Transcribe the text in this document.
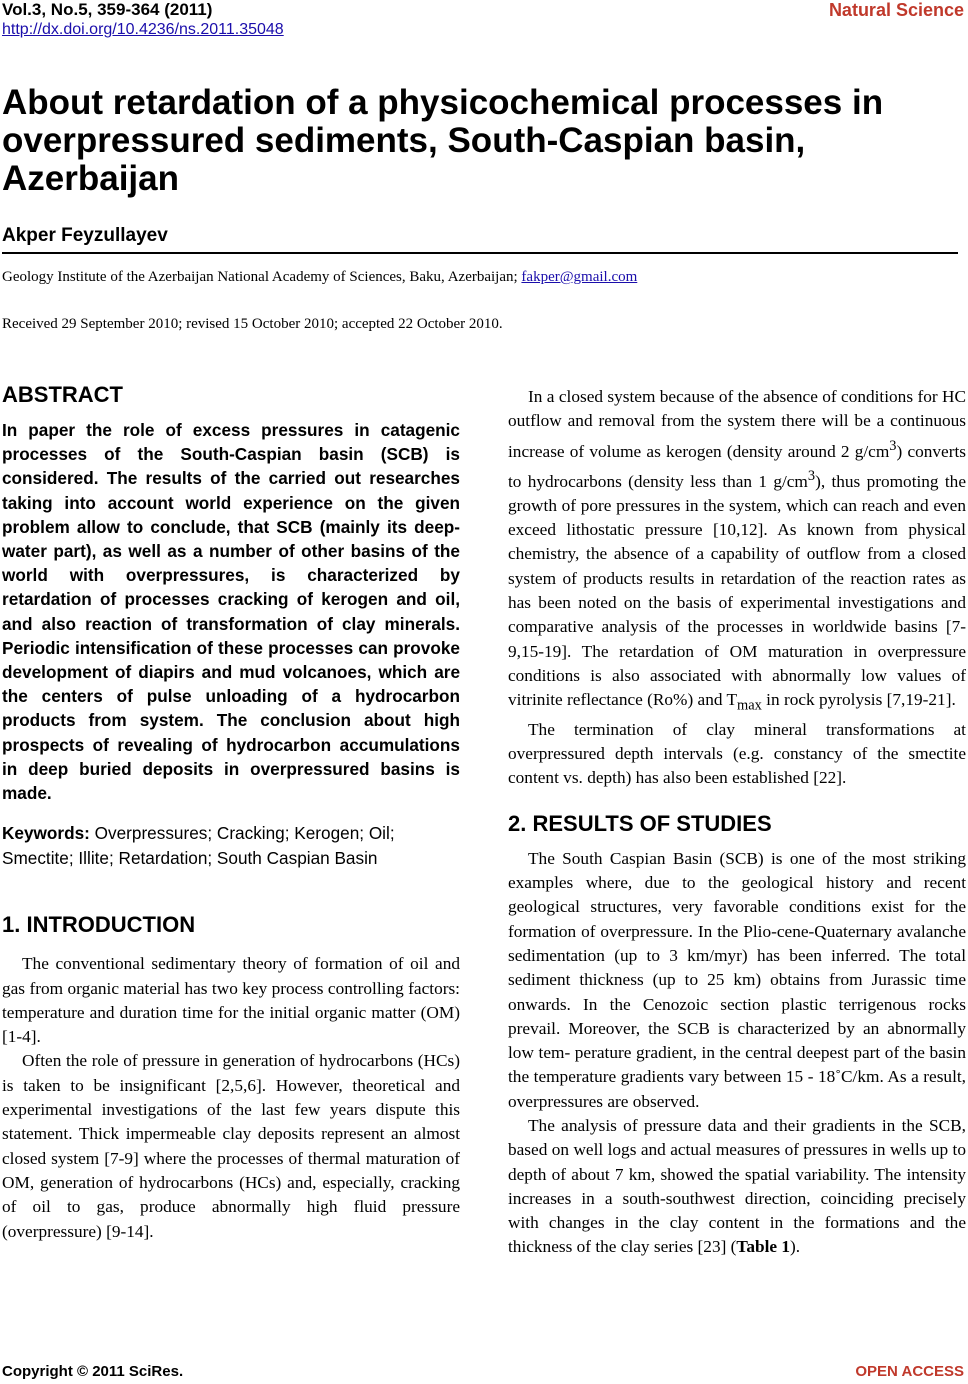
Vol.3, No.5, 359-364 (2011)	Natural Science
http://dx.doi.org/10.4236/ns.2011.35048
About retardation of a physicochemical processes in overpressured sediments, South-Caspian basin, Azerbaijan
Akper Feyzullayev
Geology Institute of the Azerbaijan National Academy of Sciences, Baku, Azerbaijan; fakper@gmail.com
Received 29 September 2010; revised 15 October 2010; accepted 22 October 2010.
ABSTRACT

In paper the role of excess pressures in catagenic processes of the South-Caspian basin (SCB) is considered. The results of the carried out researches taking into account world experience on the given problem allow to conclude, that SCB (mainly its deep-water part), as well as a number of other basins of the world with overpressures, is characterized by retardation of processes cracking of kerogen and oil, and also reaction of transformation of clay minerals. Periodic intensification of these processes can provoke development of diapirs and mud volcanoes, which are the centers of pulse unloading of a hydrocarbon products from system. The conclusion about high prospects of revealing of hydrocarbon accumulations in deep buried deposits in overpressured basins is made.

Keywords: Overpressures; Cracking; Kerogen; Oil; Smectite; Illite; Retardation; South Caspian Basin

1. INTRODUCTION

The conventional sedimentary theory of formation of oil and gas from organic material has two key process controlling factors: temperature and duration time for the initial organic matter (OM) [1-4].

Often the role of pressure in generation of hydrocarbons (HCs) is taken to be insignificant [2,5,6]. However, theoretical and experimental investigations of the last few years dispute this statement. Thick impermeable clay deposits represent an almost closed system [7-9] where the processes of thermal maturation of OM, generation of hydrocarbons (HCs) and, especially, cracking of oil to gas, produce abnormally high fluid pressure (overpressure) [9-14].

In a closed system because of the absence of conditions for HC outflow and removal from the system there will be a continuous increase of volume as kerogen (density around 2 $g/cm^3$) converts to hydrocarbons (density less than 1 $g/cm^3$), thus promoting the growth of pore pressures in the system, which can reach and even exceed lithostatic pressure [10,12]. As known from physical chemistry, the absence of a capability of outflow from a closed system of products results in retardation of the reaction rates as has been noted on the basis of experimental investigations and comparative analysis of the processes in worldwide basins [7-9,15-19]. The retardation of OM maturation in overpressure conditions is also associated with abnormally low values of vitrinite reflectance (Ro%) and $T_{max}$ in rock pyrolysis [7,19-21].

The termination of clay mineral transformations at overpressured depth intervals (e.g. constancy of the smectite content vs. depth) has also been established [22].

2. RESULTS OF STUDIES

The South Caspian Basin (SCB) is one of the most striking examples where, due to the geological history and recent geological structures, very favorable conditions exist for the formation of overpressure. In the Plio-cene-Quaternary avalanche sedimentation (up to 3 km/myr) has been inferred. The total sediment thickness (up to 25 km) obtains from Jurassic time onwards. In the Cenozoic section plastic terrigenous rocks prevail. Moreover, the SCB is characterized by an abnormally low tem- perature gradient, in the central deepest part of the basin the temperature gradients vary between 15 - 18˚C/km. As a result, overpressures are observed.

The analysis of pressure data and their gradients in the SCB, based on well logs and actual measures of pressures in wells up to depth of about 7 km, showed the spatial variability. The intensity increases in a south-southwest direction, coinciding precisely with changes in the clay content in the formations and the thickness of the clay series [23] (Table 1).

Copyright © 2011 SciRes.	OPEN ACCESS
